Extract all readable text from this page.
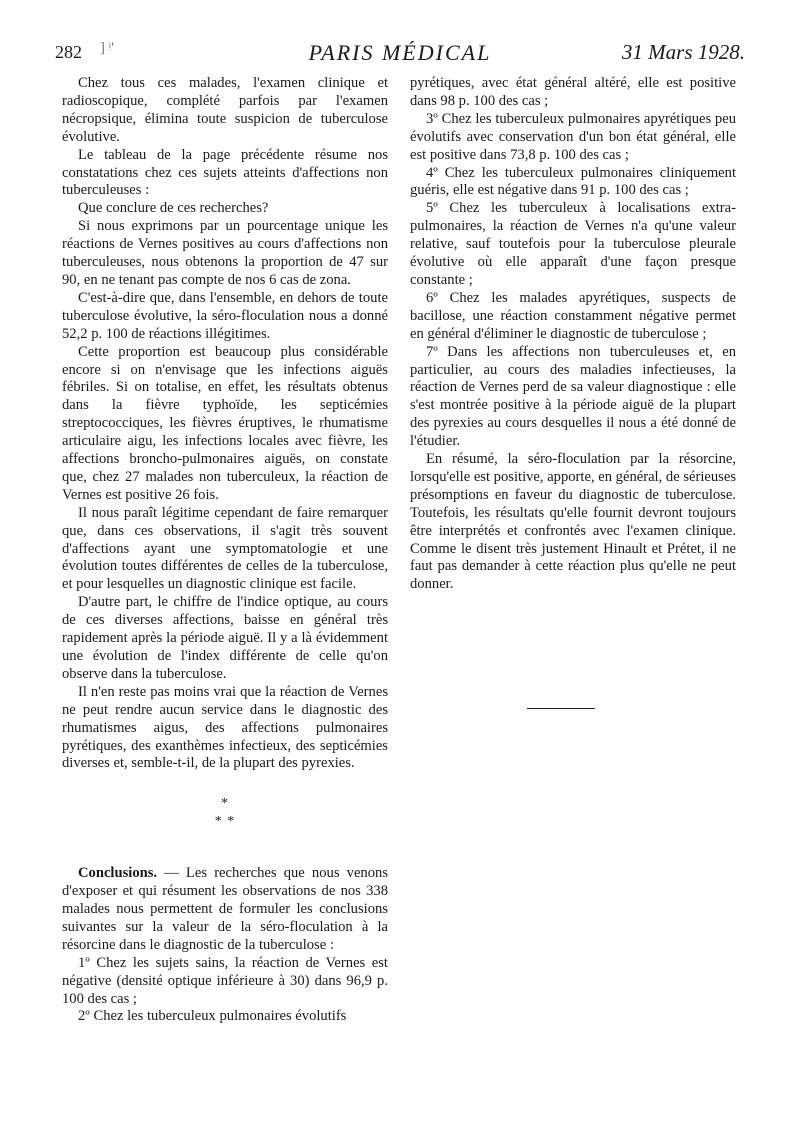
282 ] ᵎ'	PARIS MÉDICAL	31 Mars 1928.

Chez tous ces malades, l'examen clinique et radioscopique, complété parfois par l'examen nécropsique, élimina toute suspicion de tuberculose évolutive.

Le tableau de la page précédente résume nos constatations chez ces sujets atteints d'affections non tuberculeuses :

Que conclure de ces recherches?

Si nous exprimons par un pourcentage unique les réactions de Vernes positives au cours d'affections non tuberculeuses, nous obtenons la proportion de 47 sur 90, en ne tenant pas compte de nos 6 cas de zona.

C'est-à-dire que, dans l'ensemble, en dehors de toute tuberculose évolutive, la séro-floculation nous a donné 52,2 p. 100 de réactions illégitimes.

Cette proportion est beaucoup plus considérable encore si on n'envisage que les infections aiguës fébriles. Si on totalise, en effet, les résultats obtenus dans la fièvre typhoïde, les septicémies streptococciques, les fièvres éruptives, le rhumatisme articulaire aigu, les infections locales avec fièvre, les affections broncho-pulmonaires aiguës, on constate que, chez 27 malades non tuberculeux, la réaction de Vernes est positive 26 fois.

Il nous paraît légitime cependant de faire remarquer que, dans ces observations, il s'agit très souvent d'affections ayant une symptomatologie et une évolution toutes différentes de celles de la tuberculose, et pour lesquelles un diagnostic clinique est facile.

D'autre part, le chiffre de l'indice optique, au cours de ces diverses affections, baisse en général très rapidement après la période aiguë. Il y a là évidemment une évolution de l'index différente de celle qu'on observe dans la tuberculose.

Il n'en reste pas moins vrai que la réaction de Vernes ne peut rendre aucun service dans le diagnostic des rhumatismes aigus, des affections pulmonaires pyrétiques, des exanthèmes infectieux, des septicémies diverses et, semble-t-il, de la plupart des pyrexies.

*
* *

Conclusions. — Les recherches que nous venons d'exposer et qui résument les observations de nos 338 malades nous permettent de formuler les conclusions suivantes sur la valeur de la séro-floculation à la résorcine dans le diagnostic de la tuberculose :

1º Chez les sujets sains, la réaction de Vernes est négative (densité optique inférieure à 30) dans 96,9 p. 100 des cas ;

2º Chez les tuberculeux pulmonaires évolutifs

pyrétiques, avec état général altéré, elle est positive dans 98 p. 100 des cas ;

3º Chez les tuberculeux pulmonaires apyrétiques peu évolutifs avec conservation d'un bon état général, elle est positive dans 73,8 p. 100 des cas ;

4º Chez les tuberculeux pulmonaires cliniquement guéris, elle est négative dans 91 p. 100 des cas ;

5º Chez les tuberculeux à localisations extra-pulmonaires, la réaction de Vernes n'a qu'une valeur relative, sauf toutefois pour la tuberculose pleurale évolutive où elle apparaît d'une façon presque constante ;

6º Chez les malades apyrétiques, suspects de bacillose, une réaction constamment négative permet en général d'éliminer le diagnostic de tuberculose ;

7º Dans les affections non tuberculeuses et, en particulier, au cours des maladies infectieuses, la réaction de Vernes perd de sa valeur diagnostique : elle s'est montrée positive à la période aiguë de la plupart des pyrexies au cours desquelles il nous a été donné de l'étudier.

En résumé, la séro-floculation par la résorcine, lorsqu'elle est positive, apporte, en général, de sérieuses présomptions en faveur du diagnostic de tuberculose. Toutefois, les résultats qu'elle fournit devront toujours être interprétés et confrontés avec l'examen clinique. Comme le disent très justement Hinault et Prétet, il ne faut pas demander à cette réaction plus qu'elle ne peut donner.
